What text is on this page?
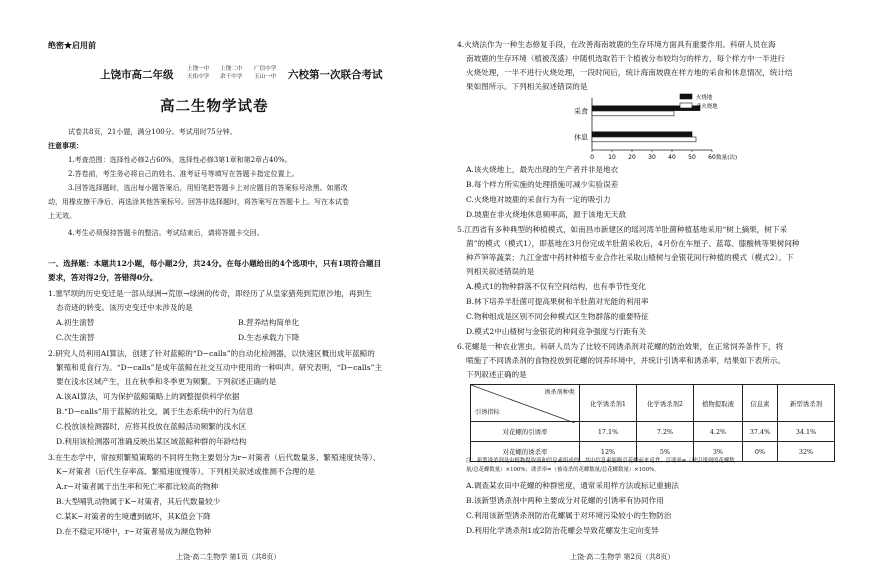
绝密★启用前
上饶市高二年级 上饶一中
天佑中学
上饶二中
余干中学
广信中学
玉山一中 六校第一次联合考试
高二生物学试卷
试卷共8页，21小题，满分100分。考试用时75分钟。
注意事项：
1.考查范围：选择性必修2占60%，选择性必修3第1章和第2章占40%。
2.答卷前，考生务必将自己的姓名、准考证号等填写在答题卡指定位置上。
3.回答选择题时，选出每小题答案后，用铅笔把答题卡上对应题目的答案标号涂黑。如需改
动，用橡皮擦干净后，再选涂其他答案标号。回答非选择题时，将答案写在答题卡上。写在本试卷
上无效。
4.考生必须保持答题卡的整洁。考试结束后，请将答题卡交回。
一、选择题：本题共12小题，每小题2分，共24分。在每小题给出的4个选项中，只有1项符合题目
要求，答对得2分，答错得0分。
1.塞罕坝的历史变迁是一部从绿洲→荒原→绿洲的传奇，即经历了从皇家猎苑到荒原沙地，再到生
态奇迹的转变。该历史变迁中未涉及的是
A.初生演替	B.营养结构简单化
C.次生演替	D.生态承载力下降
2.研究人员利用AI算法，创建了针对蓝鲸的“D−calls”的自动化检测器，以快速区概出成年蓝鲸的
繁殖和觅食行为。“D−calls”是成年蓝鲸在社交互动中使用的一种叫声。研究表明，“D−calls”主
要在浅水区域产生，且在秋季和冬季更为频繁。下列叙述正确的是
A.该AI算法，可为保护蓝鲸策略上的调整提供科学依据
B.“D−calls”用于蓝鲸的社交，属于生态系统中的行为信息
C.投放该检测器时，应将其投放在蓝鲸活动频繁的浅水区
D.利用该检测器可准确反映出某区域蓝鲸种群的年龄结构
3.在生态学中，常按照繁殖策略的不同将生物主要划分为r−对策者（后代数量多、繁殖速度快等）、
K−对策者（后代生存率高、繁殖速度慢等）。下列相关叙述或推测不合理的是
A.r−对策者属于出生率和死亡率都比较高的物种
B.大型哺乳动物属于K−对策者，其后代数量较少
C.某K−对策者的生境遭到破坏，其K值会下降
D.在不稳定环境中，r−对策者易成为濒危物种
上饶·高二生物学 第1页（共8页）
4.火烧法作为一种生态修复手段，在改善海南坡鹿的生存环境方面具有重要作用。科研人员在海
南坡鹿的生存环境（植被茂盛）中随机选取若干个植被分布较均匀的样方，每个样方中一半进行
火烧处理，一半不进行火烧处理，一段时间后，统计海南坡鹿在样方地的采食和休息情况，统计结
果如图所示。下列相关叙述错误的是
0 10 20 30 40 50 60 数量(次)
采食
休息
火烧地
非火烧地
A.该火烧地上，最先出现的生产者并非是地衣
B.每个样方所实施的处理措施可减少实验误差
C.火烧地对坡鹿的采食行为有一定的吸引力
D.坡鹿在非火烧地休息频率高，源于该地无天敌
5.江西省有多种典型的种植模式，如南昌市新建区的瑶河湾羊肚菌种植基地采用“树上摘果，树下采
菌”的模式（模式1），即基地在3月份完成羊肚菌采收后，4月份在车厘子、蓝莓、膝酸桃等果树间种
种芦笋等蔬菜；九江金雷中药材种植专业合作社采取山楂树与金银花间行种植的模式（模式2）。下
列相关叙述错误的是
A.模式1的物种群落不仅有空间结构，也有季节性变化
B.林下培养羊肚菌可提高果树和羊肚菌对光能的利用率
C.物种组成是区别不同会种模式区生物群落的重要特征
D.模式2中山楂树与金银花的种间竞争强度与行距有关
6.花螺是一种农业害虫。科研人员为了比较不同诱杀剂对花螺的防治效果，在正常饲养条件下，将
喷施了不同诱杀剂的食物投放到花螺的饲养环境中，并统计引诱率和诱杀率，结果如下表所示。
下列叙述正确的是
诱杀剂种类
引诱指标	化学诱杀剂1	化学诱杀剂2	植物提取液	信息素	新型诱杀剂
对花螺的引诱率	17.1%	7.2%	4.2%	37.4%	34.1%
对花螺的诱杀率	12%	5%	3%	0%	32%
注：新型诱杀剂是由植物提取液和信息素组成的，其中信息素能吸引花螺前来觅食。引诱率=（被引诱到的花螺数
量/总花螺数量）×100%；诱杀率=（被毒杀的花螺数量/总花螺数量）×100%。
A.调查某农田中花螺的种群密度，通常采用样方法或标记重捕法
B.该新型诱杀剂中两种主要成分对花螺的引诱率有协同作用
C.利用该新型诱杀剂防治花螺属于对环境污染较小的生物防治
D.利用化学诱杀剂1或2防治花螺会导致花螺发生定向变异
上饶·高二生物学 第2页（共8页）
